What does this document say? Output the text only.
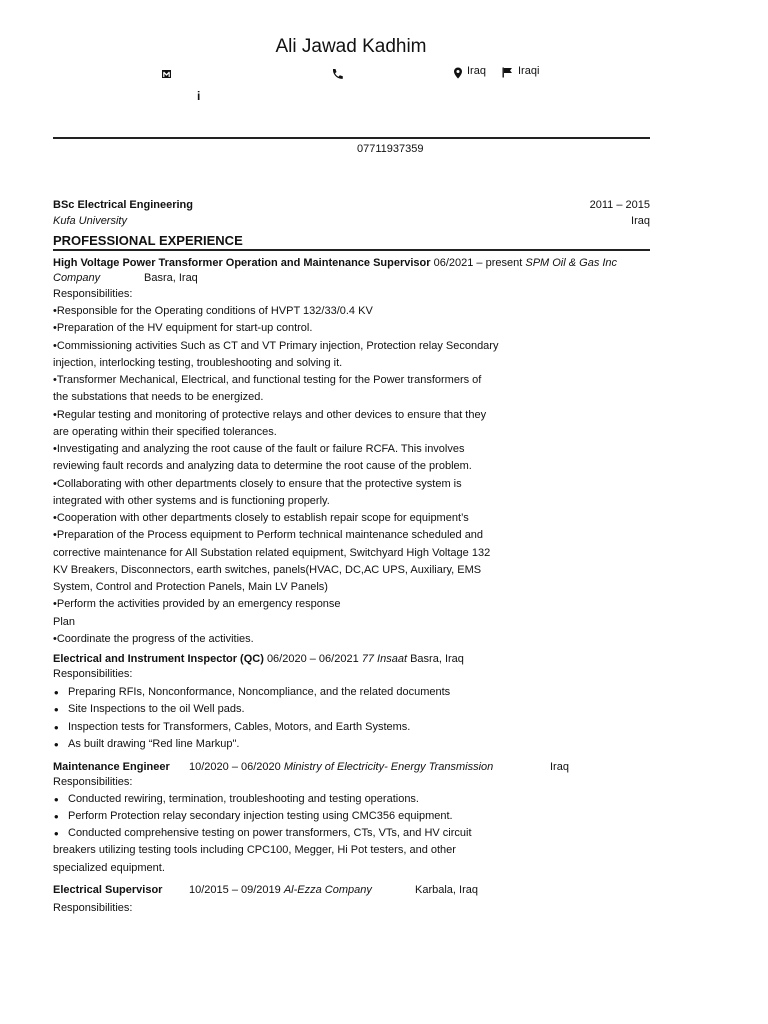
Ali Jawad Kadhim
Iraq	Iraqi
i
07711937359
BSc Electrical Engineering	2011 – 2015
Kufa University	Iraq
PROFESSIONAL EXPERIENCE
High Voltage Power Transformer Operation and Maintenance Supervisor 06/2021 – present SPM Oil & Gas Inc
Company	Basra, Iraq
Responsibilities:
•Responsible for the Operating conditions of HVPT 132/33/0.4 KV
•Preparation of the HV equipment for start-up control.
•Commissioning activities Such as CT and VT Primary injection, Protection relay Secondary
injection, interlocking testing, troubleshooting and solving it.
•Transformer Mechanical, Electrical, and functional testing for the Power transformers of
the substations that needs to be energized.
•Regular testing and monitoring of protective relays and other devices to ensure that they
are operating within their specified tolerances.
•Investigating and analyzing the root cause of the fault or failure RCFA. This involves
reviewing fault records and analyzing data to determine the root cause of the problem.
•Collaborating with other departments closely to ensure that the protective system is
integrated with other systems and is functioning properly.
•Cooperation with other departments closely to establish repair scope for equipment’s
•Preparation of the Process equipment to Perform technical maintenance scheduled and
corrective maintenance for All Substation related equipment, Switchyard High Voltage 132
KV Breakers, Disconnectors, earth switches, panels(HVAC, DC,AC UPS, Auxiliary, EMS
System, Control and Protection Panels, Main LV Panels)
•Perform the activities provided by an emergency response
Plan
•Coordinate the progress of the activities.
Electrical and Instrument Inspector (QC) 06/2020 – 06/2021 77 Insaat Basra, Iraq
Responsibilities:
• Preparing RFIs, Nonconformance, Noncompliance, and the related documents
• Site Inspections to the oil Well pads.
• Inspection tests for Transformers, Cables, Motors, and Earth Systems.
• As built drawing “Red line Markup".
Maintenance Engineer 10/2020 – 06/2020 Ministry of Electricity- Energy Transmission	Iraq
Responsibilities:
• Conducted rewiring, termination, troubleshooting and testing operations.
• Perform Protection relay secondary injection testing using CMC356 equipment.
• Conducted comprehensive testing on power transformers, CTs, VTs, and HV circuit
breakers utilizing testing tools including CPC100, Megger, Hi Pot testers, and other
specialized equipment.
Electrical Supervisor 10/2015 – 09/2019 Al-Ezza Company	Karbala, Iraq
Responsibilities:
